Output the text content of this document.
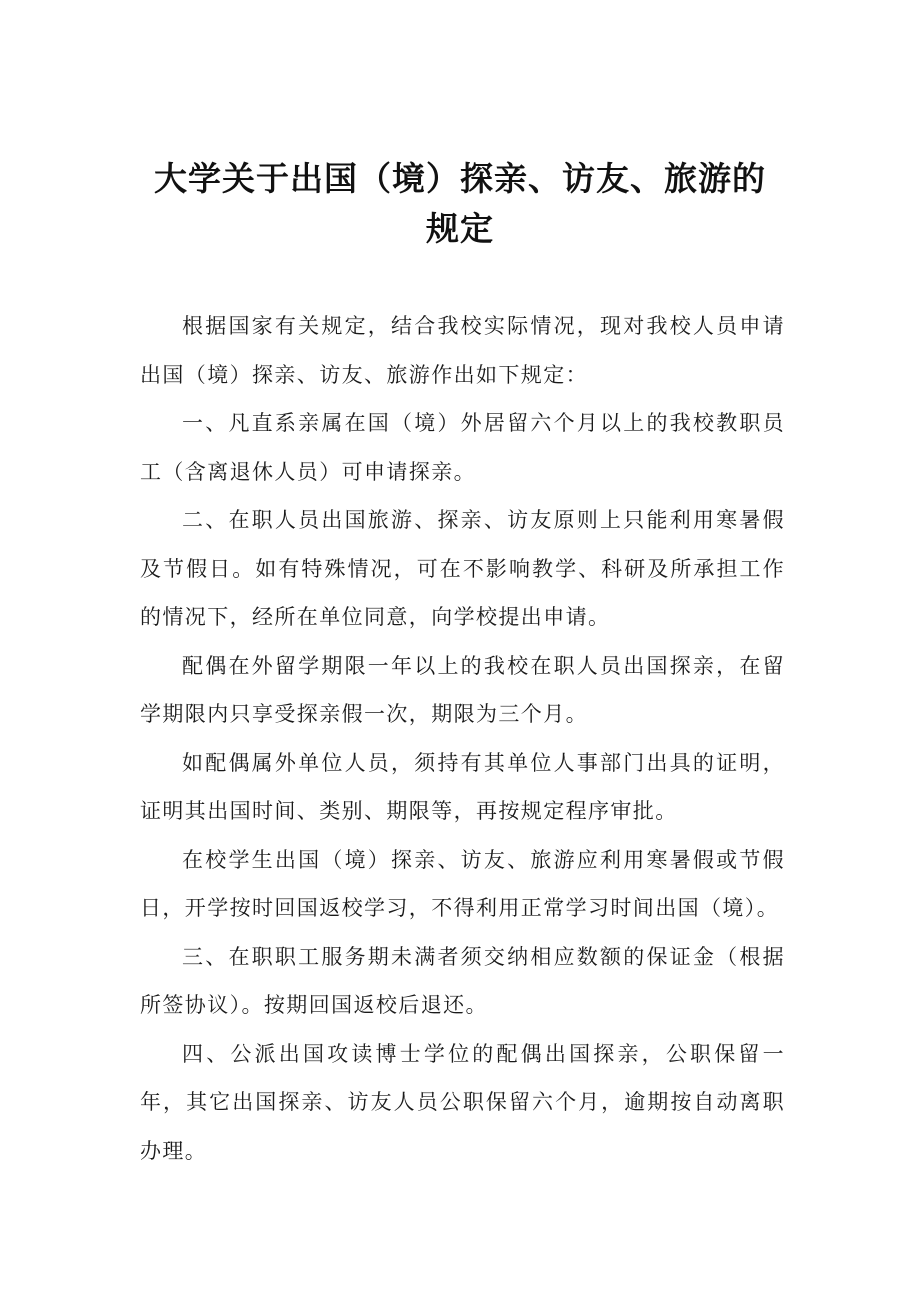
大学关于出国（境）探亲、访友、旅游的
规定

根据国家有关规定，结合我校实际情况，现对我校人员申请出国（境）探亲、访友、旅游作出如下规定：

一、凡直系亲属在国（境）外居留六个月以上的我校教职员工（含离退休人员）可申请探亲。

二、在职人员出国旅游、探亲、访友原则上只能利用寒暑假及节假日。如有特殊情况，可在不影响教学、科研及所承担工作的情况下，经所在单位同意，向学校提出申请。

配偶在外留学期限一年以上的我校在职人员出国探亲，在留学期限内只享受探亲假一次，期限为三个月。

如配偶属外单位人员，须持有其单位人事部门出具的证明，证明其出国时间、类别、期限等，再按规定程序审批。

在校学生出国（境）探亲、访友、旅游应利用寒暑假或节假日，开学按时回国返校学习，不得利用正常学习时间出国（境）。

三、在职职工服务期未满者须交纳相应数额的保证金（根据所签协议）。按期回国返校后退还。

四、公派出国攻读博士学位的配偶出国探亲，公职保留一年，其它出国探亲、访友人员公职保留六个月，逾期按自动离职办理。
